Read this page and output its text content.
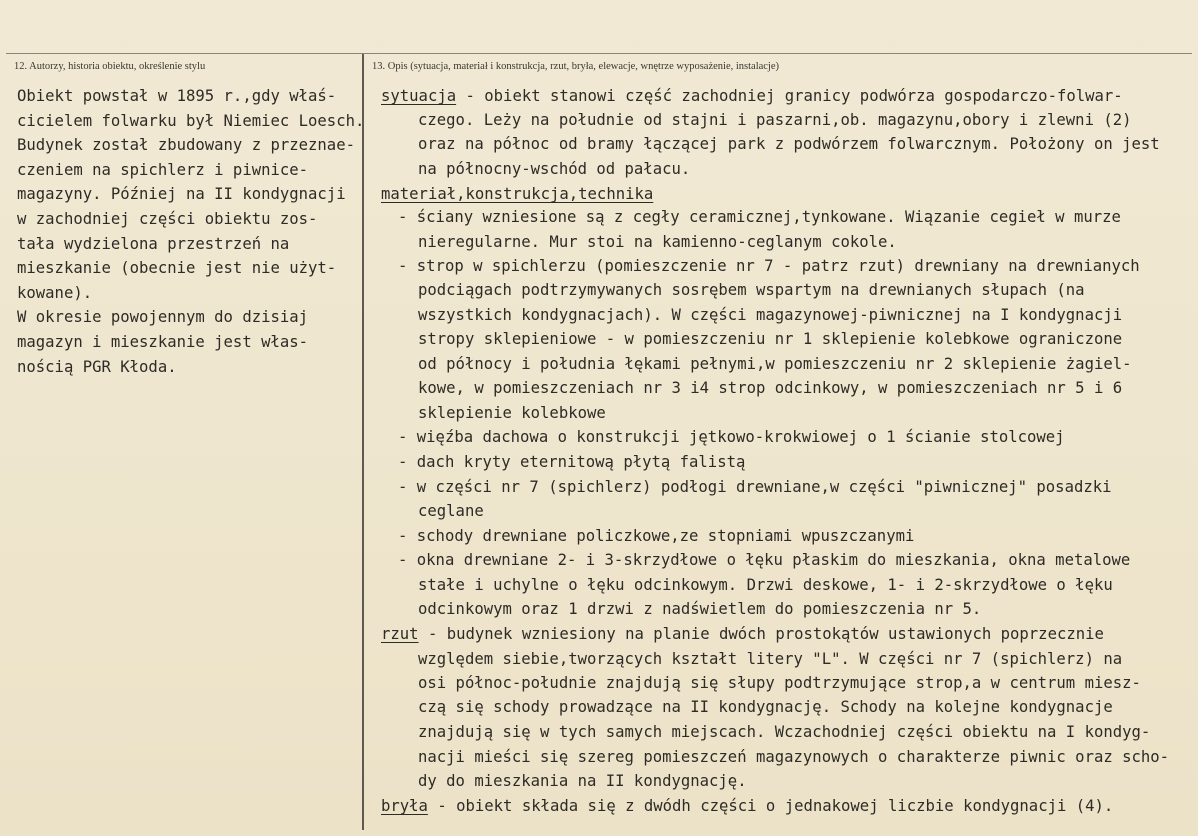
12. Autorzy, historia obiektu, określenie stylu	13. Opis (sytuacja, materiał i konstrukcja, rzut, bryła, elewacje, wnętrze wyposażenie, instalacje)
Obiekt powstał w 1895 r.,gdy właś-
cicielem folwarku był Niemiec Loesch.
Budynek został zbudowany z przeznae-
czeniem na spichlerz i piwnice-
magazyny. Później na II kondygnacji
w zachodniej części obiektu zos-
tała wydzielona przestrzeń na
mieszkanie (obecnie jest nie użyt-
kowane).
W okresie powojennym do dzisiaj
magazyn i mieszkanie jest włas-
nością PGR Kłoda.
sytuacja - obiekt stanowi część zachodniej granicy podwórza gospodarczo-folwar-
czego. Leży na południe od stajni i paszarni,ob. magazynu,obory i zlewni (2)
oraz na północ od bramy łączącej park z podwórzem folwarcznym. Położony on jest
na północny-wschód od pałacu.
materiał,konstrukcja,technika
- ściany wzniesione są z cegły ceramicznej,tynkowane. Wiązanie cegieł w murze
nieregularne. Mur stoi na kamienno-ceglanym cokole.
- strop w spichlerzu (pomieszczenie nr 7 - patrz rzut) drewniany na drewnianych
podciągach podtrzymywanych sosrębem wspartym na drewnianych słupach (na
wszystkich kondygnacjach). W części magazynowej-piwnicznej na I kondygnacji
stropy sklepieniowe - w pomieszczeniu nr 1 sklepienie kolebkowe ograniczone
od północy i południa łękami pełnymi,w pomieszczeniu nr 2 sklepienie żagiel-
kowe, w pomieszczeniach nr 3 i4 strop odcinkowy, w pomieszczeniach nr 5 i 6
sklepienie kolebkowe
- więźba dachowa o konstrukcji jętkowo-krokwiowej o 1 ścianie stolcowej
- dach kryty eternitową płytą falistą
- w części nr 7 (spichlerz) podłogi drewniane,w części "piwnicznej" posadzki
ceglane
- schody drewniane policzkowe,ze stopniami wpuszczanymi
- okna drewniane 2- i 3-skrzydłowe o łęku płaskim do mieszkania, okna metalowe
stałe i uchylne o łęku odcinkowym. Drzwi deskowe, 1- i 2-skrzydłowe o łęku
odcinkowym oraz 1 drzwi z nadświetlem do pomieszczenia nr 5.
rzut - budynek wzniesiony na planie dwóch prostokątów ustawionych poprzecznie
względem siebie,tworzących kształt litery "L". W części nr 7 (spichlerz) na
osi północ-południe znajdują się słupy podtrzymujące strop,a w centrum miesz-
czą się schody prowadzące na II kondygnację. Schody na kolejne kondygnacje
znajdują się w tych samych miejscach. Wczachodniej części obiektu na I kondyg-
nacji mieści się szereg pomieszczeń magazynowych o charakterze piwnic oraz scho-
dy do mieszkania na II kondygnację.
bryła - obiekt składa się z dwódh części o jednakowej liczbie kondygnacji (4).
